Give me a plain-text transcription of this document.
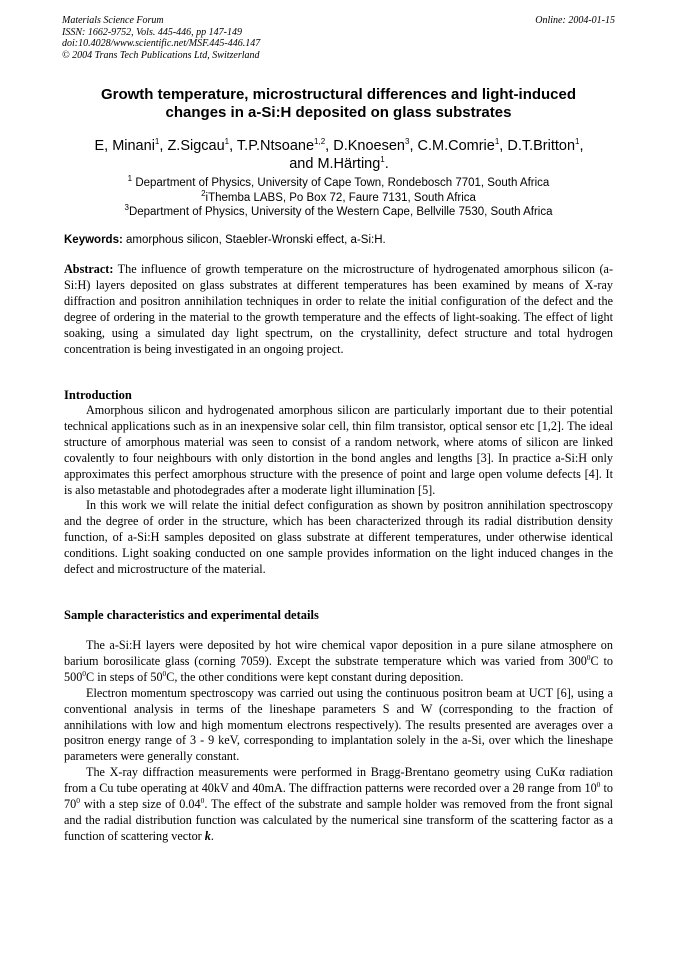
Materials Science Forum
ISSN: 1662-9752, Vols. 445-446, pp 147-149
doi:10.4028/www.scientific.net/MSF.445-446.147
© 2004 Trans Tech Publications Ltd, Switzerland
Online: 2004-01-15
Growth temperature, microstructural differences and light-induced
changes in a-Si:H deposited on glass substrates
E, Minani$^1$, Z.Sigcau$^1$, T.P.Ntsoane$^{1,2}$, D.Knoesen$^3$, C.M.Comrie$^1$, D.T.Britton$^1$,
and M.Härting$^1$.
$^1$ Department of Physics, University of Cape Town, Rondebosch 7701, South Africa
$^2$iThemba LABS, Po Box 72, Faure 7131, South Africa
$^3$Department of Physics, University of the Western Cape, Bellville 7530, South Africa
Keywords: amorphous silicon, Staebler-Wronski effect, a-Si:H.

Abstract: The influence of growth temperature on the microstructure of hydrogenated amorphous silicon (a-Si:H) layers deposited on glass substrates at different temperatures has been examined by means of X-ray diffraction and positron annihilation techniques in order to relate the initial configuration of the defect and the degree of ordering in the material to the growth temperature and the effects of light-soaking. The effect of light soaking, using a simulated day light spectrum, on the crystallinity, defect structure and total hydrogen concentration is being investigated in an ongoing project.

Introduction

Amorphous silicon and hydrogenated amorphous silicon are particularly important due to their potential technical applications such as in an inexpensive solar cell, thin film transistor, optical sensor etc [1,2]. The ideal structure of amorphous material was seen to consist of a random network, where atoms of silicon are linked covalently to four neighbours with only distortion in the bond angles and lengths [3]. In practice a-Si:H only approximates this perfect amorphous structure with the presence of point and large open volume defects [4]. It is also metastable and photodegrades after a moderate light illumination [5].

In this work we will relate the initial defect configuration as shown by positron annihilation spectroscopy and the degree of order in the structure, which has been characterized through its radial distribution density function, of a-Si:H samples deposited on glass substrate at different temperatures, under otherwise identical conditions. Light soaking conducted on one sample provides information on the light induced changes in the defect and microstructure of the material.

Sample characteristics and experimental details

The a-Si:H layers were deposited by hot wire chemical vapor deposition in a pure silane atmosphere on barium borosilicate glass (corning 7059). Except the substrate temperature which was varied from $300^0C$ to $500^0C$ in steps of $50^0C$, the other conditions were kept constant during deposition.

Electron momentum spectroscopy was carried out using the continuous positron beam at UCT [6], using a conventional analysis in terms of the lineshape parameters S and W (corresponding to the fraction of annihilations with low and high momentum electrons respectively). The results presented are averages over a positron energy range of 3 - 9 keV, corresponding to implantation solely in the a-Si, over which the lineshape parameters were generally constant.

The X-ray diffraction measurements were performed in Bragg-Brentano geometry using CuKα radiation from a Cu tube operating at 40kV and 40mA. The diffraction patterns were recorded over a 2θ range from $10^0$ to $70^0$ with a step size of 0.04$^0$. The effect of the substrate and sample holder was removed from the front signal and the radial distribution function was calculated by the numerical sine transform of the scattering factor as a function of scattering vector k.
